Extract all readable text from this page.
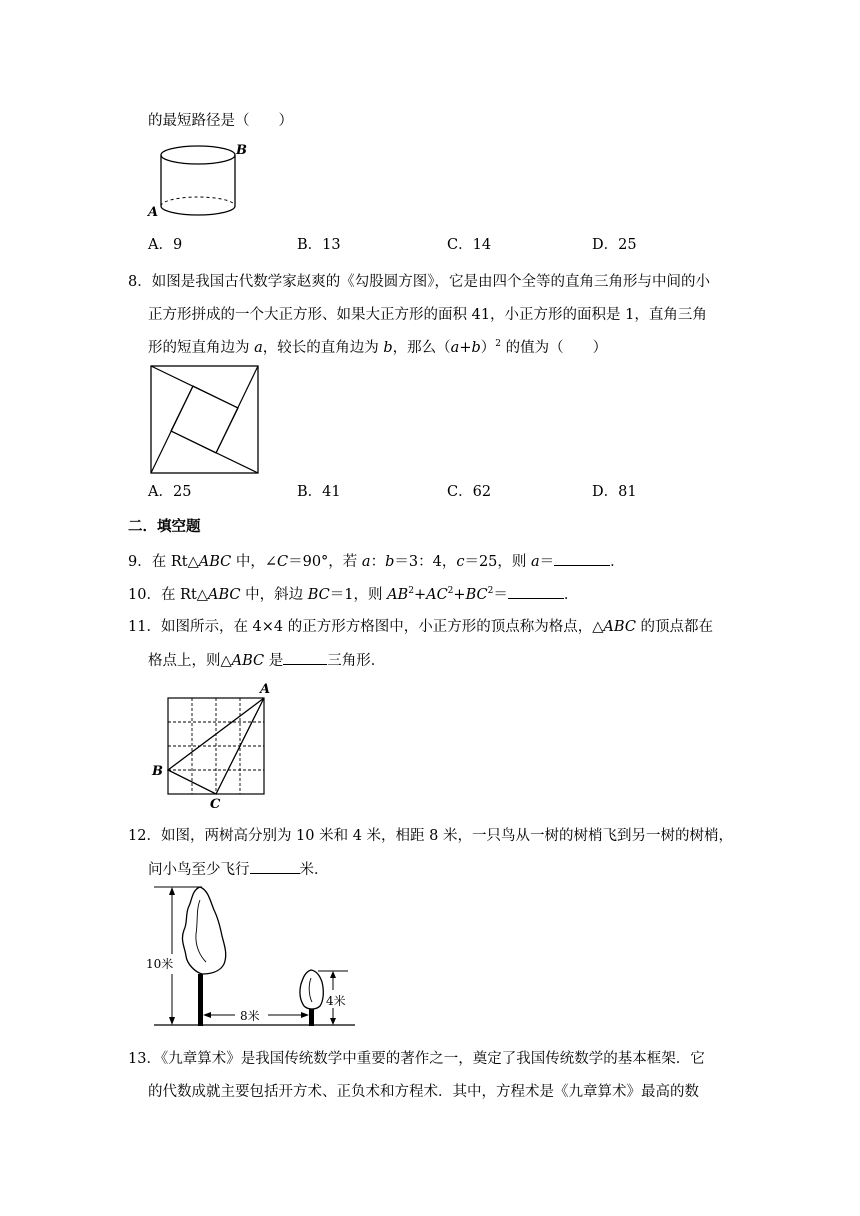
的最短路径是（　　）
B
A
A．9	B．13	C．14	D．25
8．如图是我国古代数学家赵爽的《勾股圆方图》，它是由四个全等的直角三角形与中间的小
正方形拼成的一个大正方形、如果大正方形的面积 41，小正方形的面积是 1，直角三角
形的短直角边为 a，较长的直角边为 b，那么$(a+b)^2$ 的值为（　　）
A．25	B．41	C．62	D．81
二．填空题
9．在 Rt△ABC 中，∠C＝90°，若 a：b＝3：4，c＝25，则 a＝	．
10．在 Rt△ABC 中，斜边 BC＝1，则 $AB^2+AC^2+BC^2=$	．
11．如图所示，在 4×4 的正方形方格图中，小正方形的顶点称为格点，△ABC 的顶点都在
格点上，则△ABC 是	三角形．
A
B
C
12．如图，两树高分别为 10 米和 4 米，相距 8 米，一只鸟从一树的树梢飞到另一树的树梢，
问小鸟至少飞行	米．
10米
8米
4米
13．《九章算术》是我国传统数学中重要的著作之一，奠定了我国传统数学的基本框架．它
的代数成就主要包括开方术、正负术和方程术．其中，方程术是《九章算术》最高的数
